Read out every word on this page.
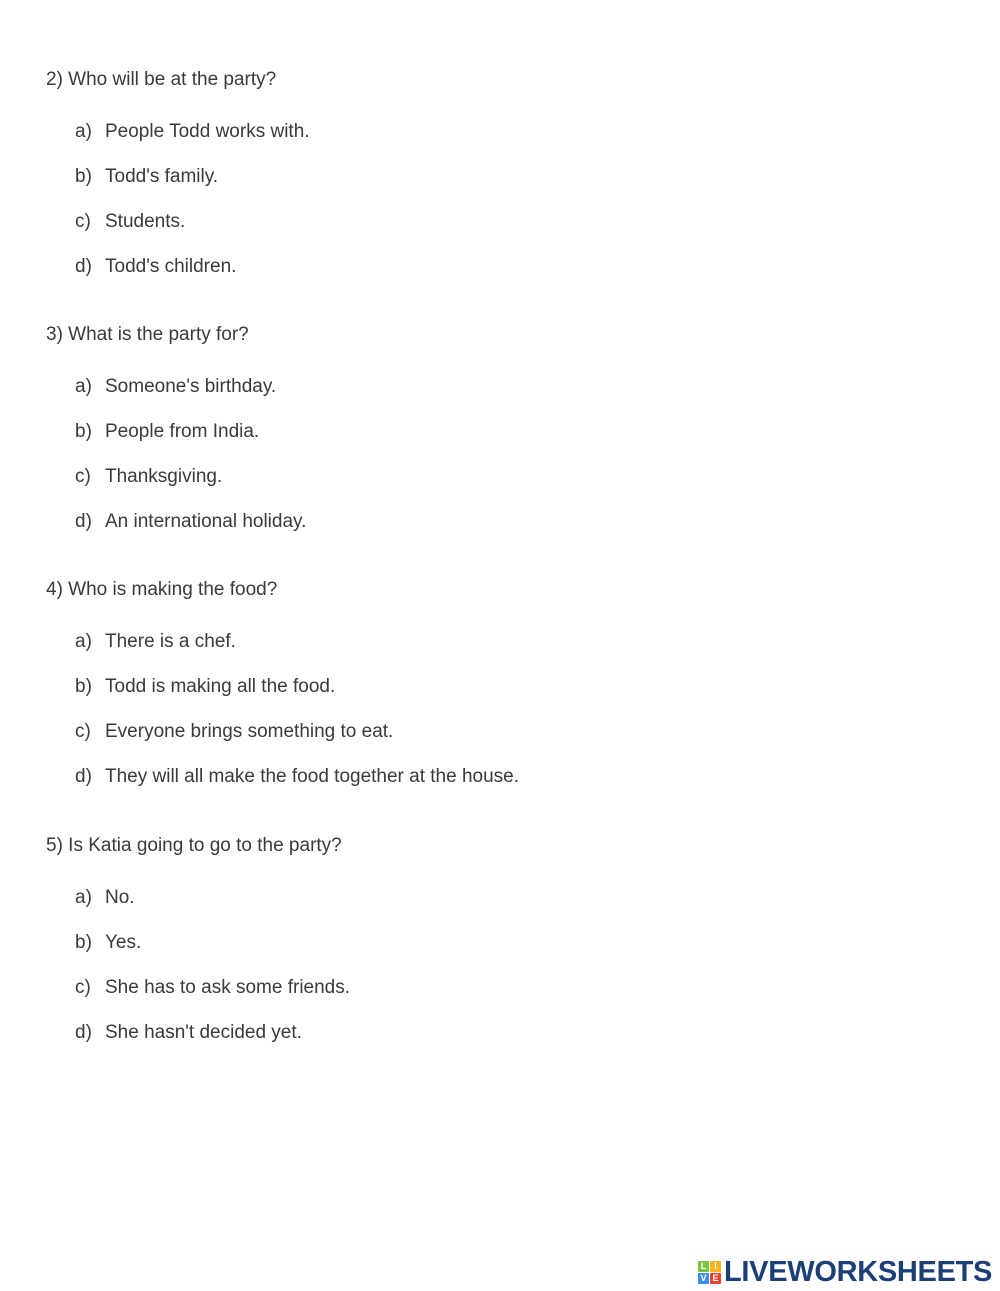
2) Who will be at the party?
a) People Todd works with.
b) Todd's family.
c) Students.
d) Todd's children.
3) What is the party for?
a) Someone's birthday.
b) People from India.
c) Thanksgiving.
d) An international holiday.
4) Who is making the food?
a) There is a chef.
b) Todd is making all the food.
c) Everyone brings something to eat.
d) They will all make the food together at the house.
5) Is Katia going to go to the party?
a) No.
b) Yes.
c) She has to ask some friends.
d) She hasn't decided yet.
L I
V E LIVEWORKSHEETS
